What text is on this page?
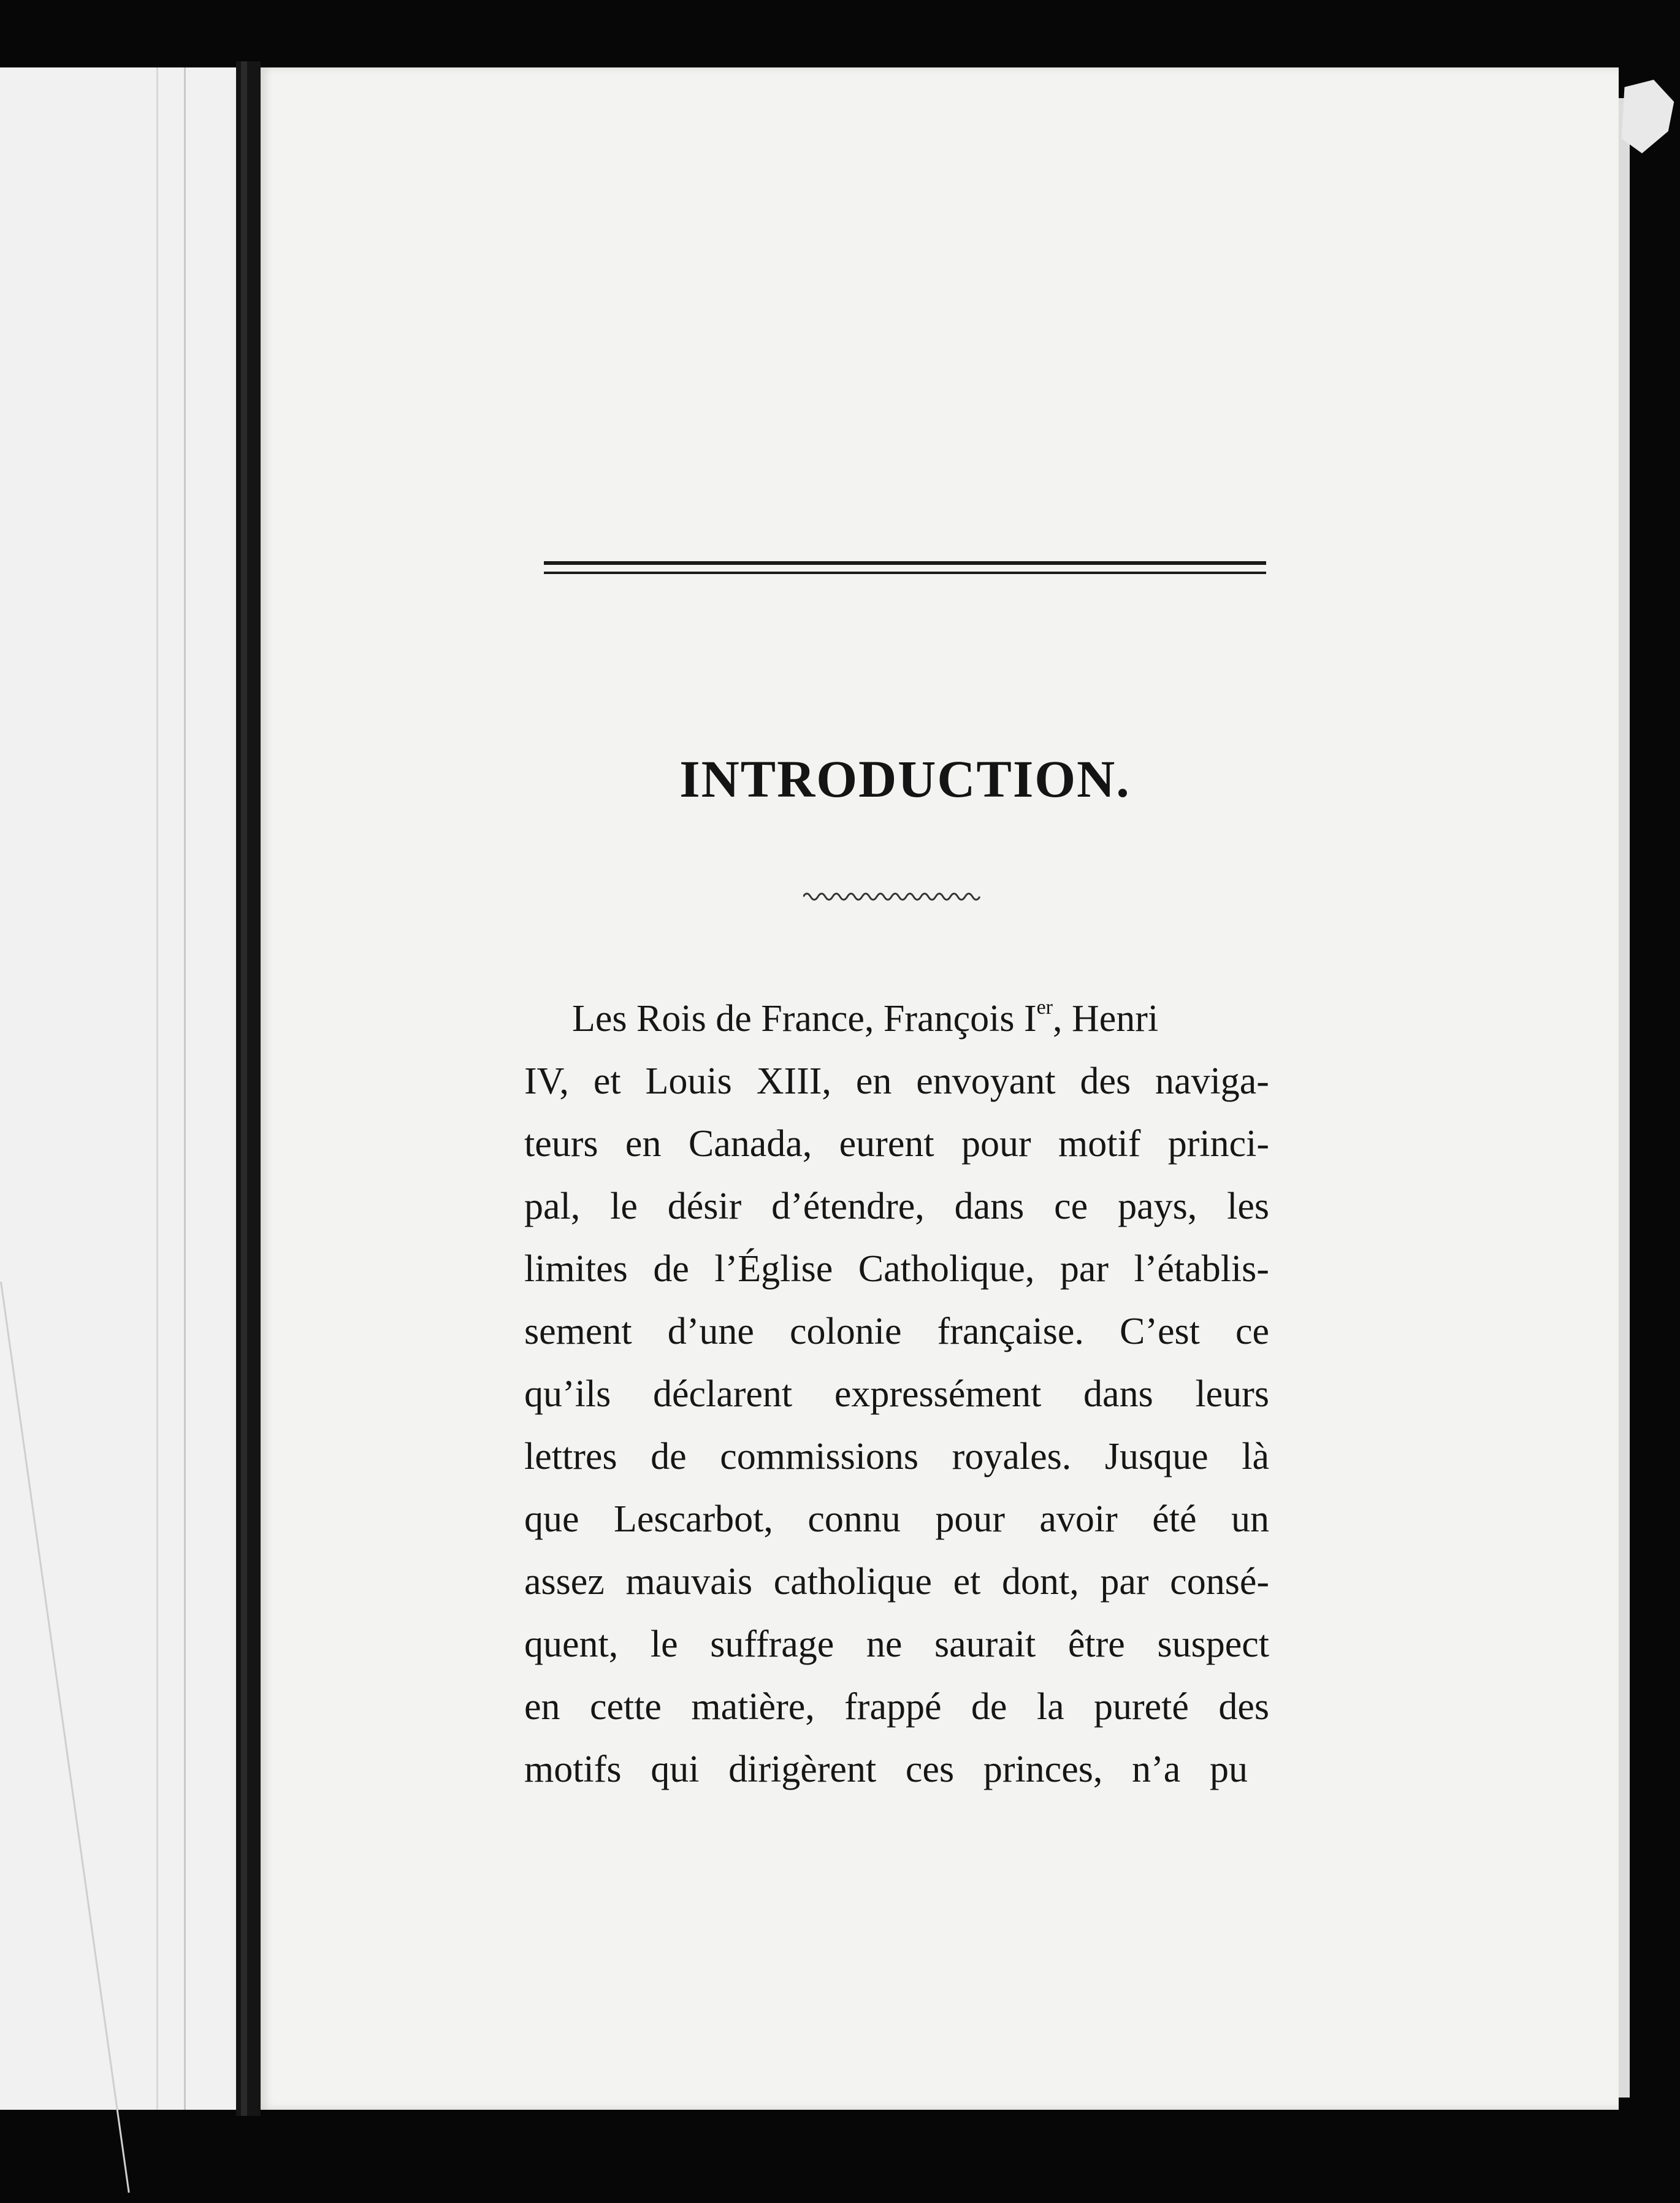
INTRODUCTION.
Les Rois de France, François Ier, Henri
IV, et Louis XIII, en envoyant des naviga-
teurs en Canada, eurent pour motif princi-
pal, le désir d’étendre, dans ce pays, les
limites de l’Église Catholique, par l’établis-
sement d’une colonie française. C’est ce
qu’ils déclarent expressément dans leurs
lettres de commissions royales. Jusque là
que Lescarbot, connu pour avoir été un
assez mauvais catholique et dont, par consé-
quent, le suffrage ne saurait être suspect
en cette matière, frappé de la pureté des
motifs qui dirigèrent ces princes, n’a pu
